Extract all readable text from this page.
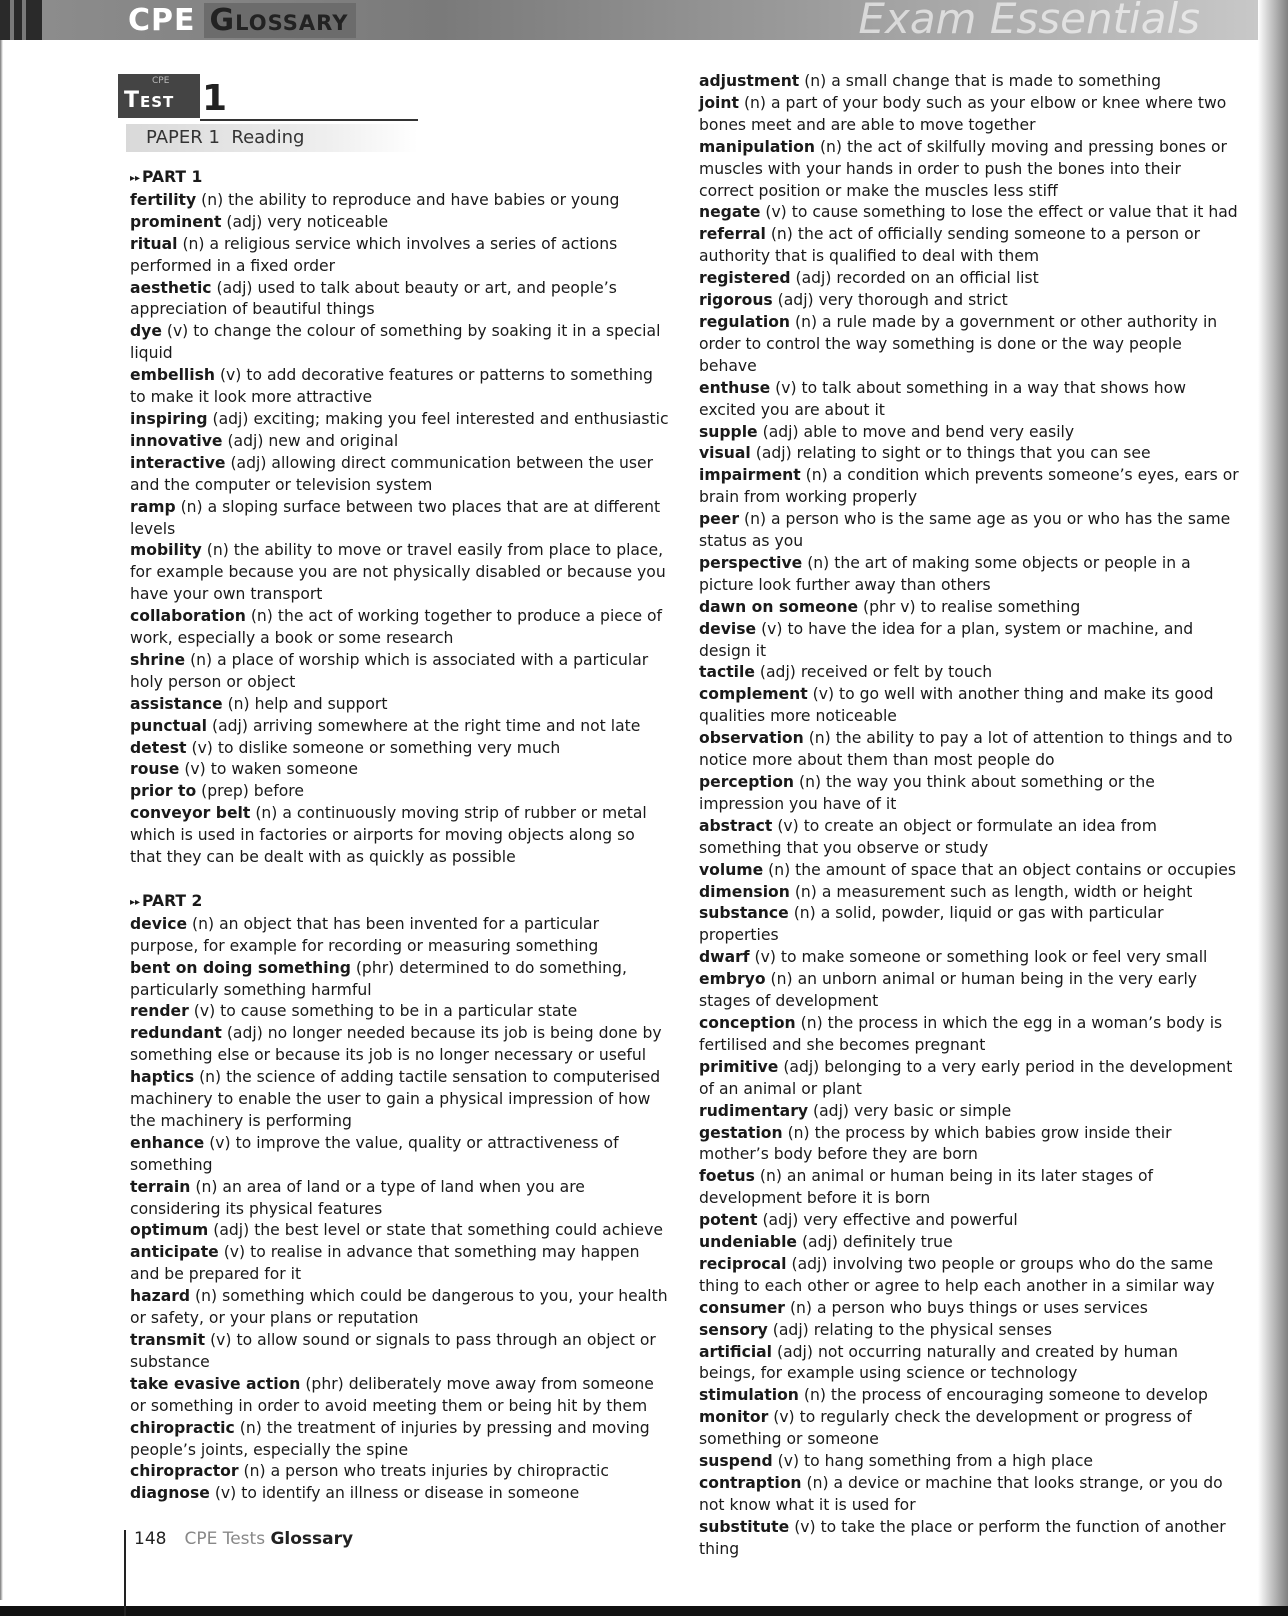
CPE Glossary	Exam Essentials
CPE
Test 1
PAPER 1  Reading

▸▸ PART 1

fertility (n) the ability to reproduce and have babies or young

prominent (adj) very noticeable

ritual (n) a religious service which involves a series of actions performed in a fixed order

aesthetic (adj) used to talk about beauty or art, and people’s appreciation of beautiful things

dye (v) to change the colour of something by soaking it in a special liquid

embellish (v) to add decorative features or patterns to something to make it look more attractive

inspiring (adj) exciting; making you feel interested and enthusiastic

innovative (adj) new and original

interactive (adj) allowing direct communication between the user and the computer or television system

ramp (n) a sloping surface between two places that are at different levels

mobility (n) the ability to move or travel easily from place to place, for example because you are not physically disabled or because you have your own transport

collaboration (n) the act of working together to produce a piece of work, especially a book or some research

shrine (n) a place of worship which is associated with a particular holy person or object

assistance (n) help and support

punctual (adj) arriving somewhere at the right time and not late

detest (v) to dislike someone or something very much

rouse (v) to waken someone

prior to (prep) before

conveyor belt (n) a continuously moving strip of rubber or metal which is used in factories or airports for moving objects along so that they can be dealt with as quickly as possible

▸▸ PART 2

device (n) an object that has been invented for a particular purpose, for example for recording or measuring something

bent on doing something (phr) determined to do something, particularly something harmful

render (v) to cause something to be in a particular state

redundant (adj) no longer needed because its job is being done by something else or because its job is no longer necessary or useful

haptics (n) the science of adding tactile sensation to computerised machinery to enable the user to gain a physical impression of how the machinery is performing

enhance (v) to improve the value, quality or attractiveness of something

terrain (n) an area of land or a type of land when you are considering its physical features

optimum (adj) the best level or state that something could achieve

anticipate (v) to realise in advance that something may happen and be prepared for it

hazard (n) something which could be dangerous to you, your health or safety, or your plans or reputation

transmit (v) to allow sound or signals to pass through an object or substance

take evasive action (phr) deliberately move away from someone or something in order to avoid meeting them or being hit by them

chiropractic (n) the treatment of injuries by pressing and moving people’s joints, especially the spine

chiropractor (n) a person who treats injuries by chiropractic

diagnose (v) to identify an illness or disease in someone

adjustment (n) a small change that is made to something

joint (n) a part of your body such as your elbow or knee where two bones meet and are able to move together

manipulation (n) the act of skilfully moving and pressing bones or muscles with your hands in order to push the bones into their correct position or make the muscles less stiff

negate (v) to cause something to lose the effect or value that it had

referral (n) the act of officially sending someone to a person or authority that is qualified to deal with them

registered (adj) recorded on an official list

rigorous (adj) very thorough and strict

regulation (n) a rule made by a government or other authority in order to control the way something is done or the way people behave

enthuse (v) to talk about something in a way that shows how excited you are about it

supple (adj) able to move and bend very easily

visual (adj) relating to sight or to things that you can see

impairment (n) a condition which prevents someone’s eyes, ears or brain from working properly

peer (n) a person who is the same age as you or who has the same status as you

perspective (n) the art of making some objects or people in a picture look further away than others

dawn on someone (phr v) to realise something

devise (v) to have the idea for a plan, system or machine, and design it

tactile (adj) received or felt by touch

complement (v) to go well with another thing and make its good qualities more noticeable

observation (n) the ability to pay a lot of attention to things and to notice more about them than most people do

perception (n) the way you think about something or the impression you have of it

abstract (v) to create an object or formulate an idea from something that you observe or study

volume (n) the amount of space that an object contains or occupies

dimension (n) a measurement such as length, width or height

substance (n) a solid, powder, liquid or gas with particular properties

dwarf (v) to make someone or something look or feel very small

embryo (n) an unborn animal or human being in the very early stages of development

conception (n) the process in which the egg in a woman’s body is fertilised and she becomes pregnant

primitive (adj) belonging to a very early period in the development of an animal or plant

rudimentary (adj) very basic or simple

gestation (n) the process by which babies grow inside their mother’s body before they are born

foetus (n) an animal or human being in its later stages of development before it is born

potent (adj) very effective and powerful

undeniable (adj) definitely true

reciprocal (adj) involving two people or groups who do the same thing to each other or agree to help each another in a similar way

consumer (n) a person who buys things or uses services

sensory (adj) relating to the physical senses

artificial (adj) not occurring naturally and created by human beings, for example using science or technology

stimulation (n) the process of encouraging someone to develop

monitor (v) to regularly check the development or progress of something or someone

suspend (v) to hang something from a high place

contraption (n) a device or machine that looks strange, or you do not know what it is used for

substitute (v) to take the place or perform the function of another thing

148 CPE Tests Glossary
